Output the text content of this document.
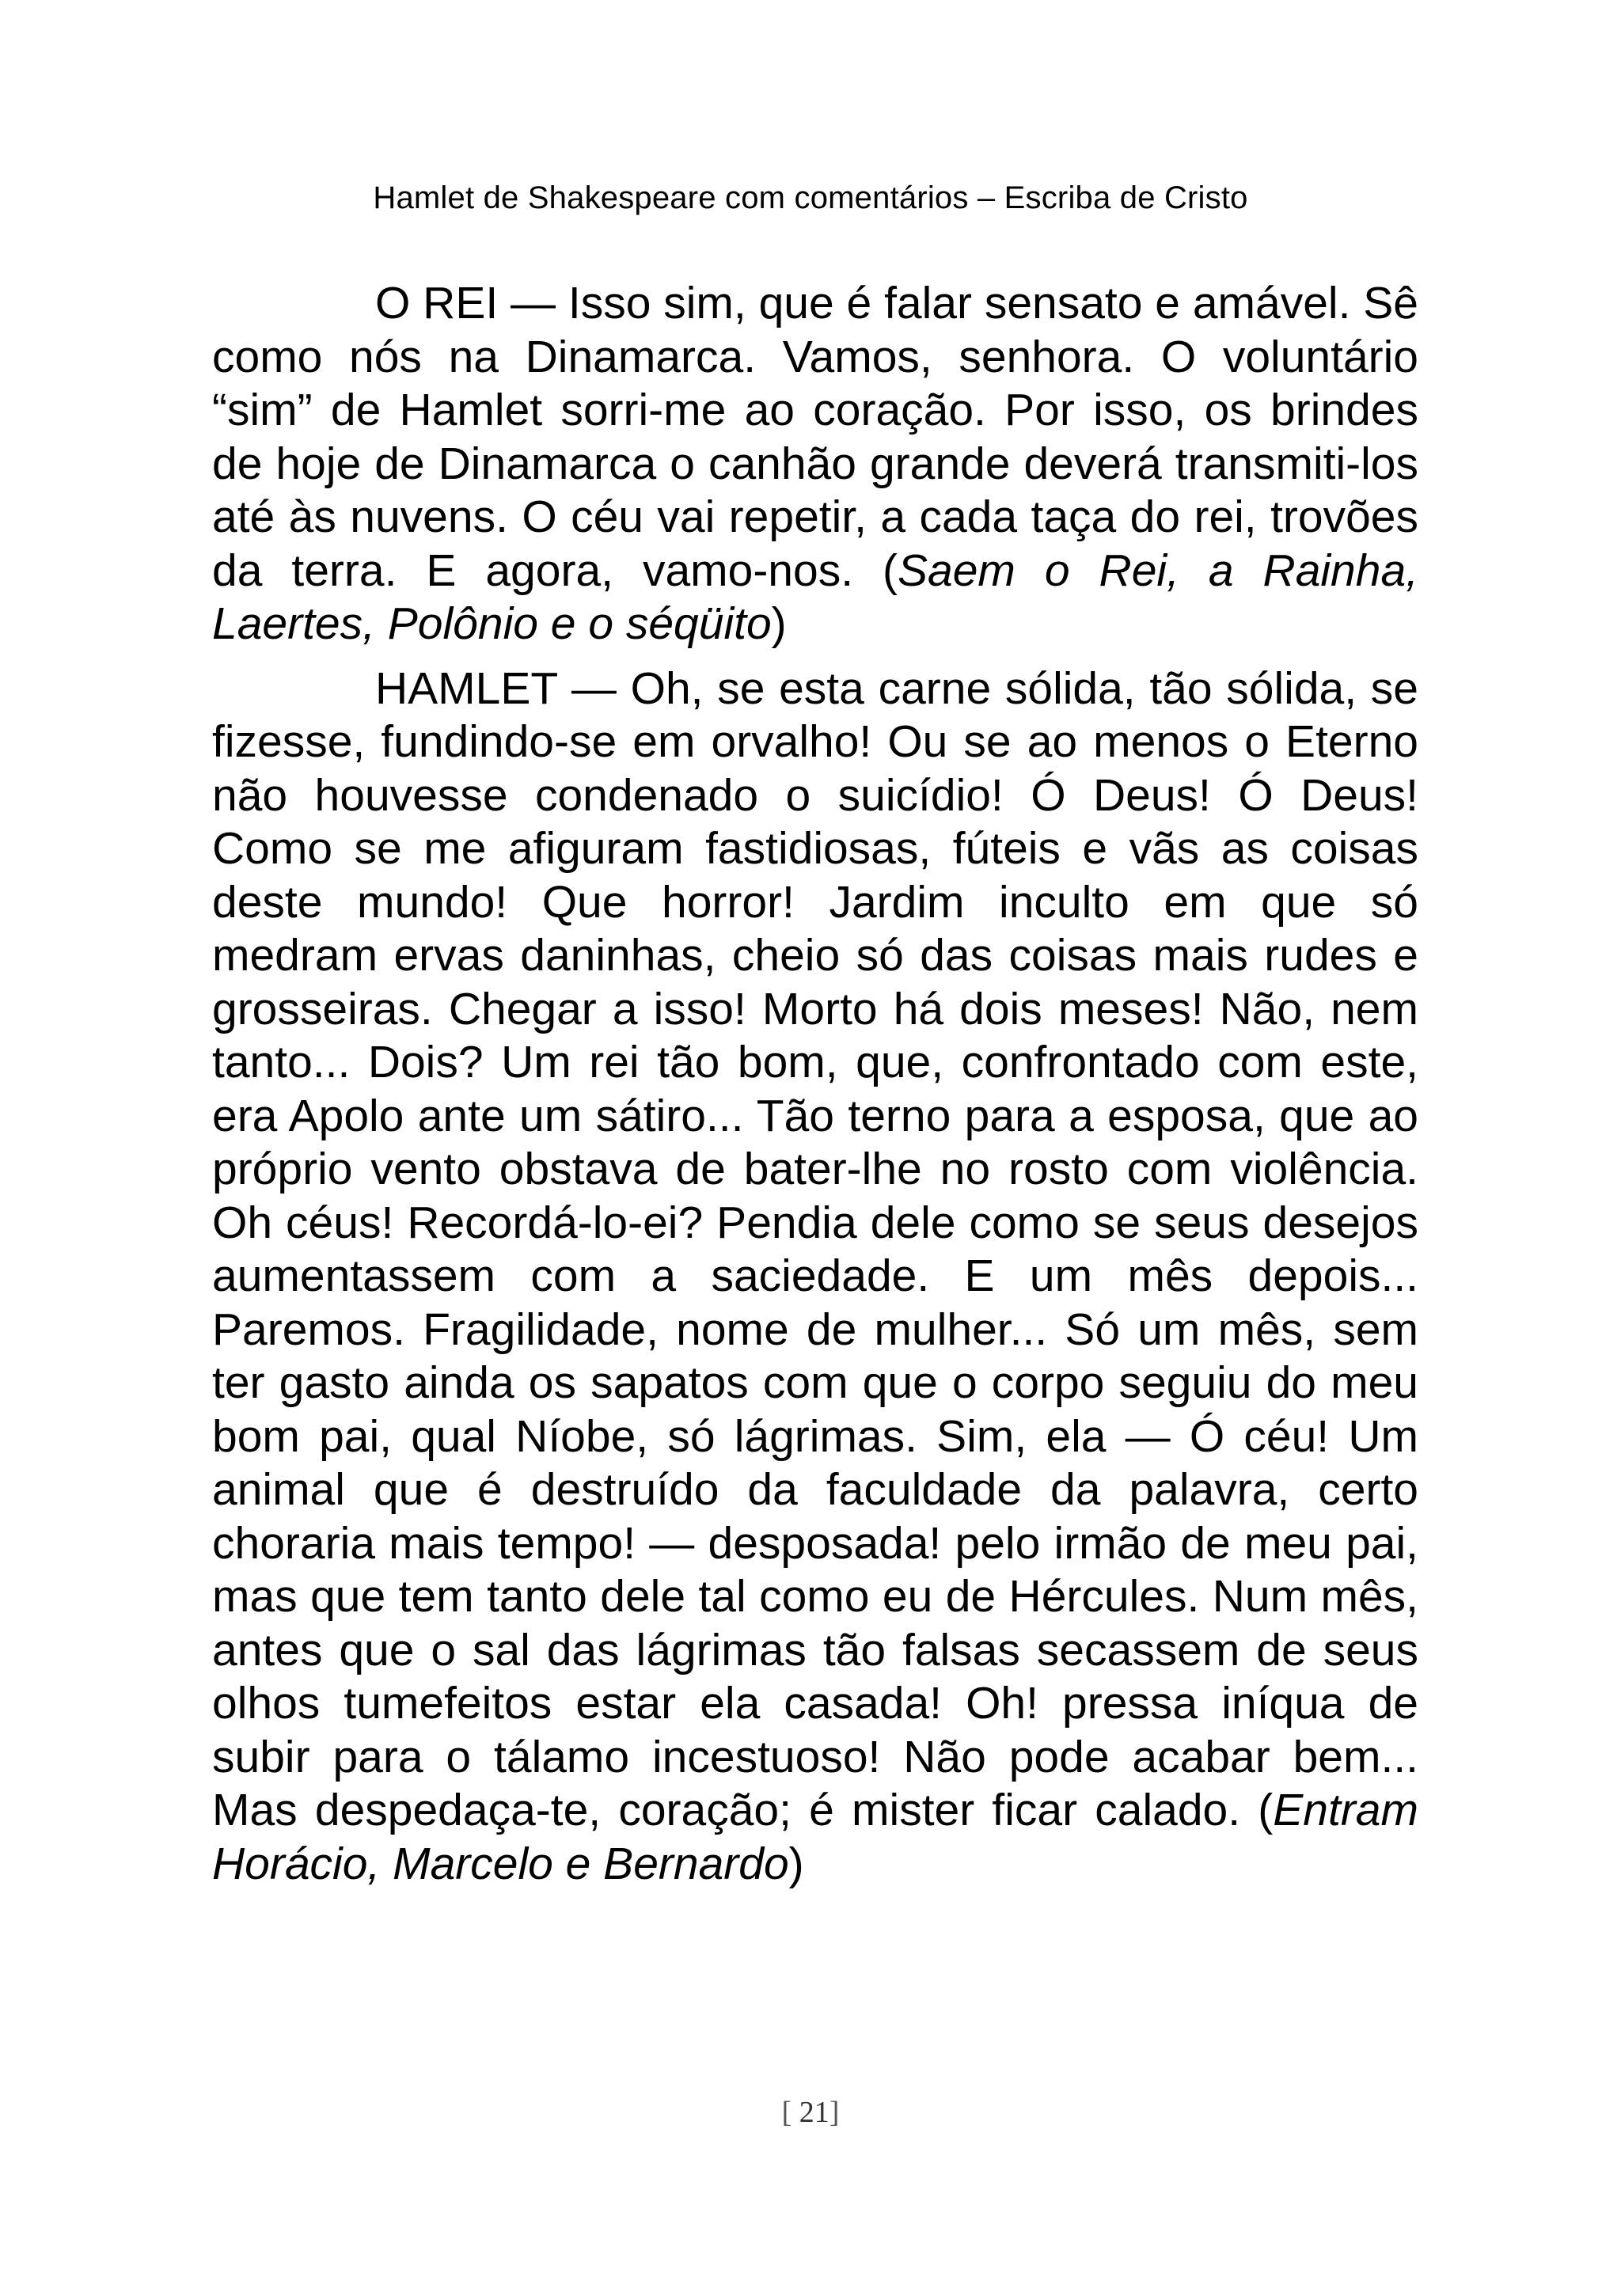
Hamlet de Shakespeare com comentários – Escriba de Cristo

O REI — Isso sim, que é falar sensato e amável. Sê como nós na Dinamarca. Vamos, senhora. O voluntário “sim” de Hamlet sorri-me ao coração. Por isso, os brindes de hoje de Dinamarca o canhão grande deverá transmiti-los até às nuvens. O céu vai repetir, a cada taça do rei, trovões da terra. E agora, vamo-nos. (Saem o Rei, a Rainha, Laertes, Polônio e o séqüito)

HAMLET — Oh, se esta carne sólida, tão sólida, se fizesse, fundindo-se em orvalho! Ou se ao menos o Eterno não houvesse condenado o suicídio! Ó Deus! Ó Deus! Como se me afiguram fastidiosas, fúteis e vãs as coisas deste mundo! Que horror! Jardim inculto em que só medram ervas daninhas, cheio só das coisas mais rudes e grosseiras. Chegar a isso! Morto há dois meses! Não, nem tanto... Dois? Um rei tão bom, que, confrontado com este, era Apolo ante um sátiro... Tão terno para a esposa, que ao próprio vento obstava de bater-lhe no rosto com violência. Oh céus! Recordá-lo-ei? Pendia dele como se seus desejos aumentassem com a saciedade. E um mês depois... Paremos. Fragilidade, nome de mulher... Só um mês, sem ter gasto ainda os sapatos com que o corpo seguiu do meu bom pai, qual Níobe, só lágrimas. Sim, ela — Ó céu! Um animal que é destruído da faculdade da palavra, certo choraria mais tempo! — desposada! pelo irmão de meu pai, mas que tem tanto dele tal como eu de Hércules. Num mês, antes que o sal das lágrimas tão falsas secassem de seus olhos tumefeitos estar ela casada! Oh! pressa iníqua de subir para o tálamo incestuoso! Não pode acabar bem... Mas despedaça-te, coração; é mister ficar calado. (Entram Horácio, Marcelo e Bernardo)

[ 21]
